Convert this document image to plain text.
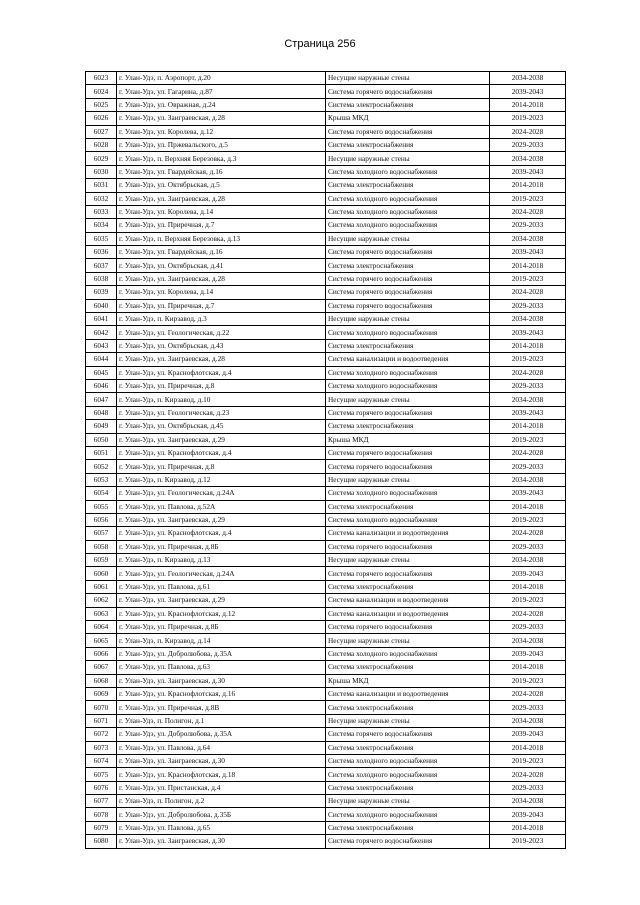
Страница 256
6023	г. Улан-Удэ, п. Аэропорт, д.20	Несущие наружные стены	2034-2038
6024	г. Улан-Удэ, ул. Гагарина, д.87	Система горячего водоснабжения	2039-2043
6025	г. Улан-Удэ, ул. Овражная, д.24	Система электроснабжения	2014-2018
6026	г. Улан-Удэ, ул. Заиграевская, д.28	Крыша МКД	2019-2023
6027	г. Улан-Удэ, ул. Королева, д.12	Система горячего водоснабжения	2024-2028
6028	г. Улан-Удэ, ул. Пржевальского, д.5	Система электроснабжения	2029-2033
6029	г. Улан-Удэ, п. Верхняя Березовка, д.3	Несущие наружные стены	2034-2038
6030	г. Улан-Удэ, ул. Гвардейская, д.16	Система холодного водоснабжения	2039-2043
6031	г. Улан-Удэ, ул. Октябрьская, д.5	Система электроснабжения	2014-2018
6032	г. Улан-Удэ, ул. Заиграевская, д.28	Система холодного водоснабжения	2019-2023
6033	г. Улан-Удэ, ул. Королева, д.14	Система холодного водоснабжения	2024-2028
6034	г. Улан-Удэ, ул. Приречная, д.7	Система холодного водоснабжения	2029-2033
6035	г. Улан-Удэ, п. Верхняя Березовка, д.13	Несущие наружные стены	2034-2038
6036	г. Улан-Удэ, ул. Гвардейская, д.16	Система горячего водоснабжения	2039-2043
6037	г. Улан-Удэ, ул. Октябрьская, д.41	Система электроснабжения	2014-2018
6038	г. Улан-Удэ, ул. Заиграевская, д.28	Система горячего водоснабжения	2019-2023
6039	г. Улан-Удэ, ул. Королева, д.14	Система горячего водоснабжения	2024-2028
6040	г. Улан-Удэ, ул. Приречная, д.7	Система горячего водоснабжения	2029-2033
6041	г. Улан-Удэ, п. Кирзавод, д.3	Несущие наружные стены	2034-2038
6042	г. Улан-Удэ, ул. Геологическая, д.22	Система холодного водоснабжения	2039-2043
6043	г. Улан-Удэ, ул. Октябрьская, д.43	Система электроснабжения	2014-2018
6044	г. Улан-Удэ, ул. Заиграевская, д.28	Система канализации и водоотведения	2019-2023
6045	г. Улан-Удэ, ул. Краснофлотская, д.4	Система холодного водоснабжения	2024-2028
6046	г. Улан-Удэ, ул. Приречная, д.8	Система холодного водоснабжения	2029-2033
6047	г. Улан-Удэ, п. Кирзавод, д.10	Несущие наружные стены	2034-2038
6048	г. Улан-Удэ, ул. Геологическая, д.23	Система горячего водоснабжения	2039-2043
6049	г. Улан-Удэ, ул. Октябрьская, д.45	Система электроснабжения	2014-2018
6050	г. Улан-Удэ, ул. Заиграевская, д.29	Крыша МКД	2019-2023
6051	г. Улан-Удэ, ул. Краснофлотская, д.4	Система горячего водоснабжения	2024-2028
6052	г. Улан-Удэ, ул. Приречная, д.8	Система горячего водоснабжения	2029-2033
6053	г. Улан-Удэ, п. Кирзавод, д.12	Несущие наружные стены	2034-2038
6054	г. Улан-Удэ, ул. Геологическая, д.24А	Система холодного водоснабжения	2039-2043
6055	г. Улан-Удэ, ул. Павлова, д.52А	Система электроснабжения	2014-2018
6056	г. Улан-Удэ, ул. Заиграевская, д.29	Система холодного водоснабжения	2019-2023
6057	г. Улан-Удэ, ул. Краснофлотская, д.4	Система канализации и водоотведения	2024-2028
6058	г. Улан-Удэ, ул. Приречная, д.8Б	Система горячего водоснабжения	2029-2033
6059	г. Улан-Удэ, п. Кирзавод, д.13	Несущие наружные стены	2034-2038
6060	г. Улан-Удэ, ул. Геологическая, д.24А	Система горячего водоснабжения	2039-2043
6061	г. Улан-Удэ, ул. Павлова, д.61	Система электроснабжения	2014-2018
6062	г. Улан-Удэ, ул. Заиграевская, д.29	Система канализации и водоотведения	2019-2023
6063	г. Улан-Удэ, ул. Краснофлотская, д.12	Система канализации и водоотведения	2024-2028
6064	г. Улан-Удэ, ул. Приречная, д.8Б	Система горячего водоснабжения	2029-2033
6065	г. Улан-Удэ, п. Кирзавод, д.14	Несущие наружные стены	2034-2038
6066	г. Улан-Удэ, ул. Добролюбова, д.35А	Система холодного водоснабжения	2039-2043
6067	г. Улан-Удэ, ул. Павлова, д.63	Система электроснабжения	2014-2018
6068	г. Улан-Удэ, ул. Заиграевская, д.30	Крыша МКД	2019-2023
6069	г. Улан-Удэ, ул. Краснофлотская, д.16	Система канализации и водоотведения	2024-2028
6070	г. Улан-Удэ, ул. Приречная, д.8В	Система электроснабжения	2029-2033
6071	г. Улан-Удэ, п. Полигон, д.1	Несущие наружные стены	2034-2038
6072	г. Улан-Удэ, ул. Добролюбова, д.35А	Система горячего водоснабжения	2039-2043
6073	г. Улан-Удэ, ул. Павлова, д.64	Система электроснабжения	2014-2018
6074	г. Улан-Удэ, ул. Заиграевская, д.30	Система холодного водоснабжения	2019-2023
6075	г. Улан-Удэ, ул. Краснофлотская, д.18	Система холодного водоснабжения	2024-2028
6076	г. Улан-Удэ, ул. Пристанская, д.4	Система электроснабжения	2029-2033
6077	г. Улан-Удэ, п. Полигон, д.2	Несущие наружные стены	2034-2038
6078	г. Улан-Удэ, ул. Добролюбова, д.35Б	Система холодного водоснабжения	2039-2043
6079	г. Улан-Удэ, ул. Павлова, д.65	Система электроснабжения	2014-2018
6080	г. Улан-Удэ, ул. Заиграевская, д.30	Система горячего водоснабжения	2019-2023
